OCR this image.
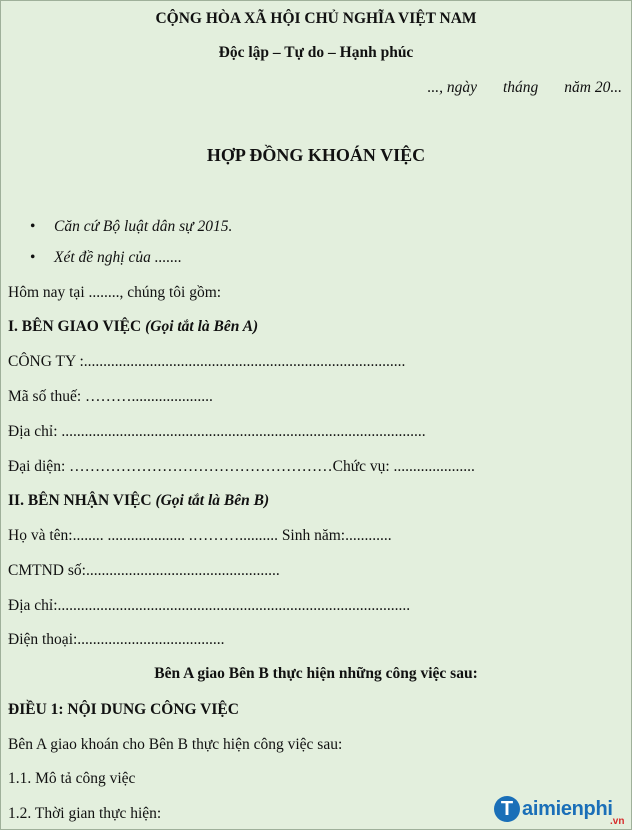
CỘNG HÒA XÃ HỘI CHỦ NGHĨA VIỆT NAM
Độc lập – Tự do – Hạnh phúc
..., ngày tháng năm 20...
HỢP ĐỒNG KHOÁN VIỆC
• Căn cứ Bộ luật dân sự 2015.
• Xét đề nghị của .......
Hôm nay tại ........, chúng tôi gồm:
I. BÊN GIAO VIỆC (Gọi tắt là Bên A)
CÔNG TY :...................................................................................
Mã số thuế: ……….....................
Địa chỉ: ..............................................................................................
Đại diện: ……………………………………………Chức vụ: .....................
II. BÊN NHẬN VIỆC (Gọi tắt là Bên B)
Họ và tên:........ .................... .……….......... Sinh năm:............
CMTND số:..................................................
Địa chỉ:...........................................................................................
Điện thoại:......................................
Bên A giao Bên B thực hiện những công việc sau:
ĐIỀU 1: NỘI DUNG CÔNG VIỆC
Bên A giao khoán cho Bên B thực hiện công việc sau:
1.1. Mô tả công việc
1.2. Thời gian thực hiện:	T aimienphi
.vn
